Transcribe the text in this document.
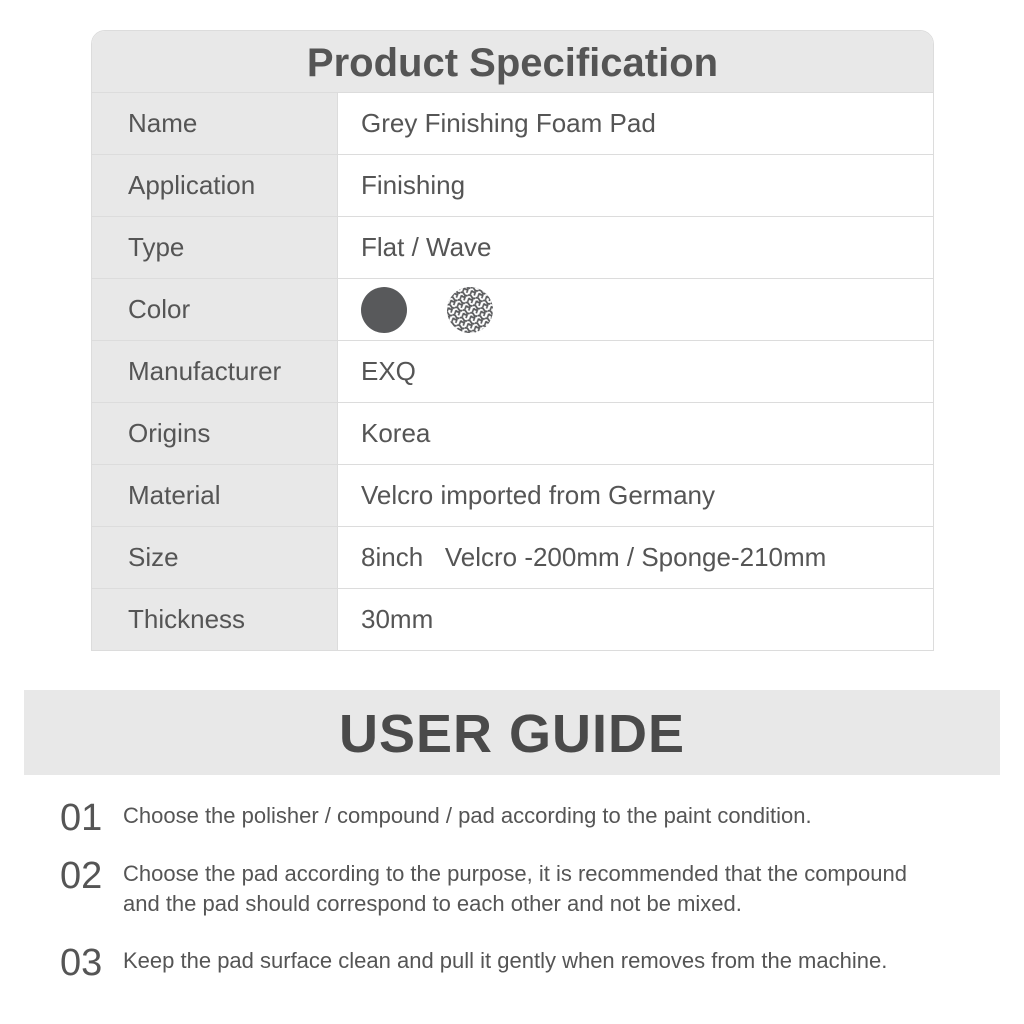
Product Specification
Name	Grey Finishing Foam Pad
Application	Finishing
Type	Flat / Wave
Color
Manufacturer	EXQ
Origins	Korea
Material	Velcro imported from Germany
Size	8inch   Velcro -200mm / Sponge-210mm
Thickness	30mm
USER GUIDE
01 Choose the polisher / compound / pad according to the paint condition.
02 Choose the pad according to the purpose, it is recommended that the compound
and the pad should correspond to each other and not be mixed.
03 Keep the pad surface clean and pull it gently when removes from the machine.
